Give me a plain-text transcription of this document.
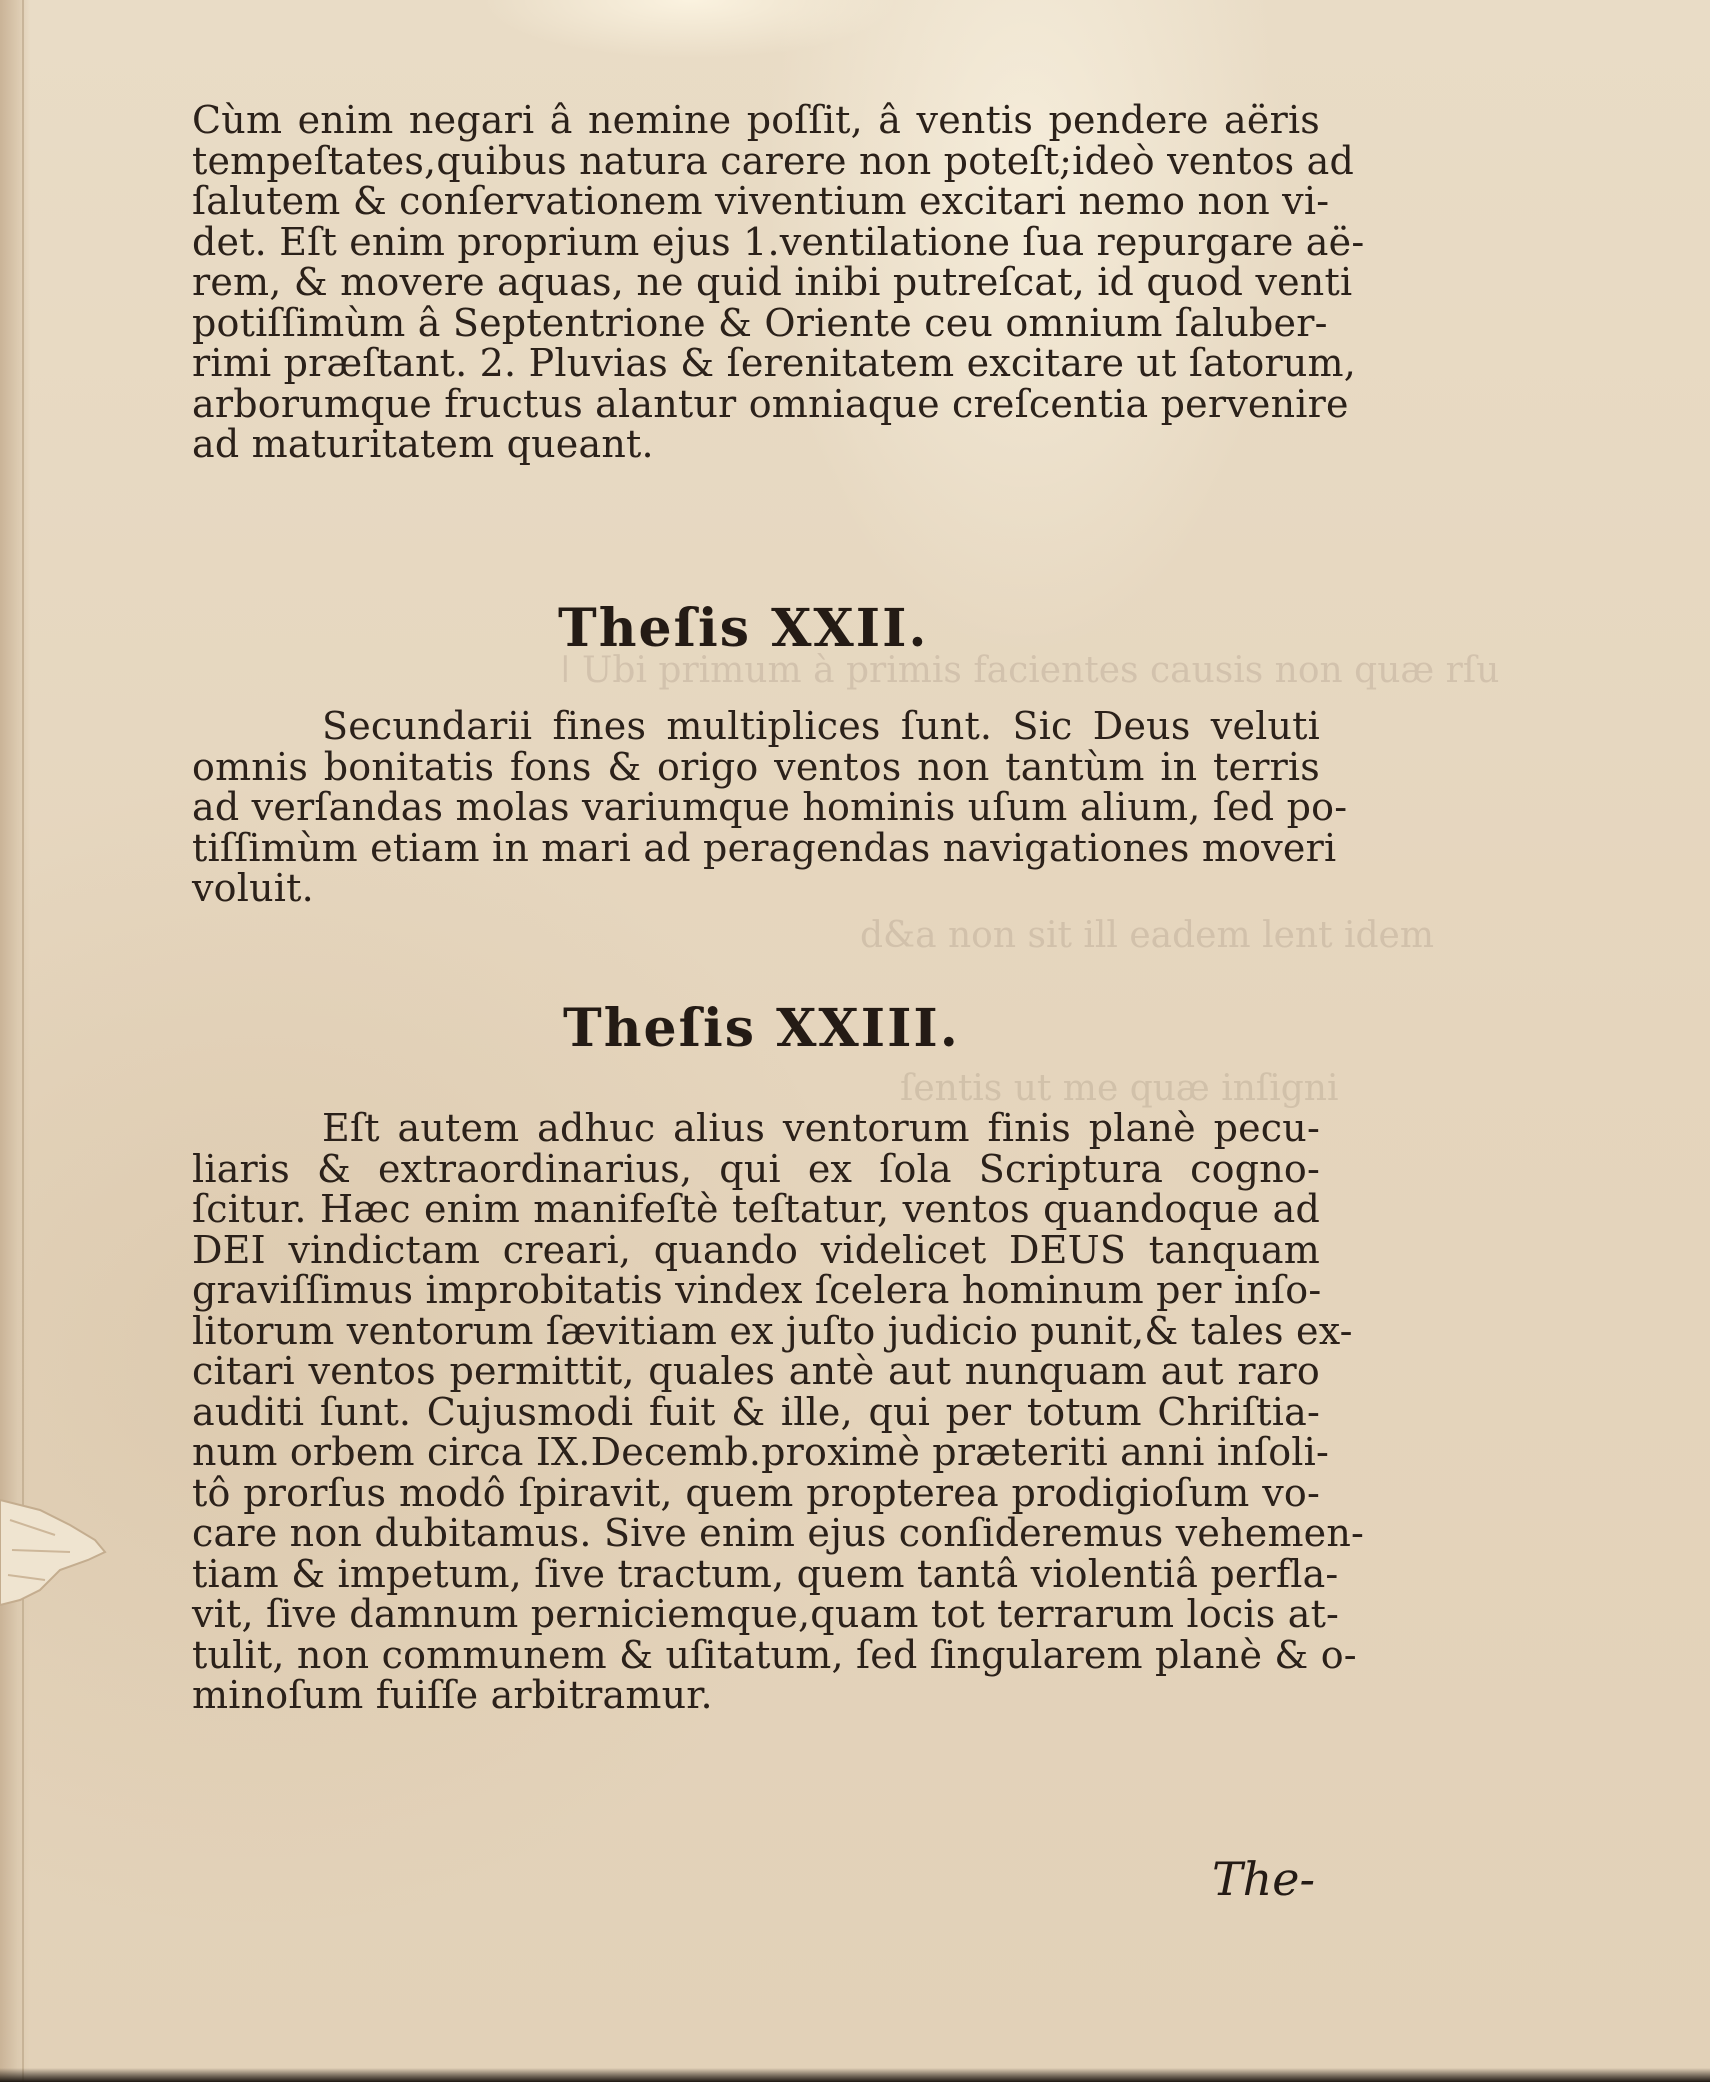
ǀ Ubi primum à primis facientes causis non quæ rſu
d&a non sit ill eadem lent idem
ſentis ut me quæ inſigni
Cùm enim negari â nemine poſſit, â ventis pendere aëris
tempeſtates,quibus natura carere non poteſt;ideò ventos ad
ſalutem & conſervationem viventium excitari nemo non vi-
det. Eſt enim proprium ejus 1.ventilatione ſua repurgare aë-
rem, & movere aquas, ne quid inibi putreſcat, id quod venti
potiſſimùm â Septentrione & Oriente ceu omnium ſaluber-
rimi præſtant. 2. Pluvias & ſerenitatem excitare ut ſatorum,
arborumque fructus alantur omniaque creſcentia pervenire
ad maturitatem queant.
Theſis XXII.
Secundarii fines multiplices ſunt. Sic Deus veluti
omnis bonitatis fons & origo ventos non tantùm in terris
ad verſandas molas variumque hominis uſum alium, ſed po-
tiſſimùm etiam in mari ad peragendas navigationes moveri
voluit.
Theſis XXIII.
Eſt autem adhuc alius ventorum finis planè pecu-
liaris & extraordinarius, qui ex ſola Scriptura cogno-
ſcitur. Hæc enim manifeſtè teſtatur, ventos quandoque ad
DEI vindictam creari, quando videlicet DEUS tanquam
graviſſimus improbitatis vindex ſcelera hominum per inſo-
litorum ventorum ſævitiam ex juſto judicio punit,& tales ex-
citari ventos permittit, quales antè aut nunquam aut raro
auditi ſunt. Cujusmodi fuit & ille, qui per totum Chriſtia-
num orbem circa IX.Decemb.proximè præteriti anni inſoli-
tô prorſus modô ſpiravit, quem propterea prodigioſum vo-
care non dubitamus. Sive enim ejus conſideremus vehemen-
tiam & impetum, ſive tractum, quem tantâ violentiâ perfla-
vit, ſive damnum perniciemque,quam tot terrarum locis at-
tulit, non communem & uſitatum, ſed ſingularem planè & o-
minoſum fuiſſe arbitramur.
The-
